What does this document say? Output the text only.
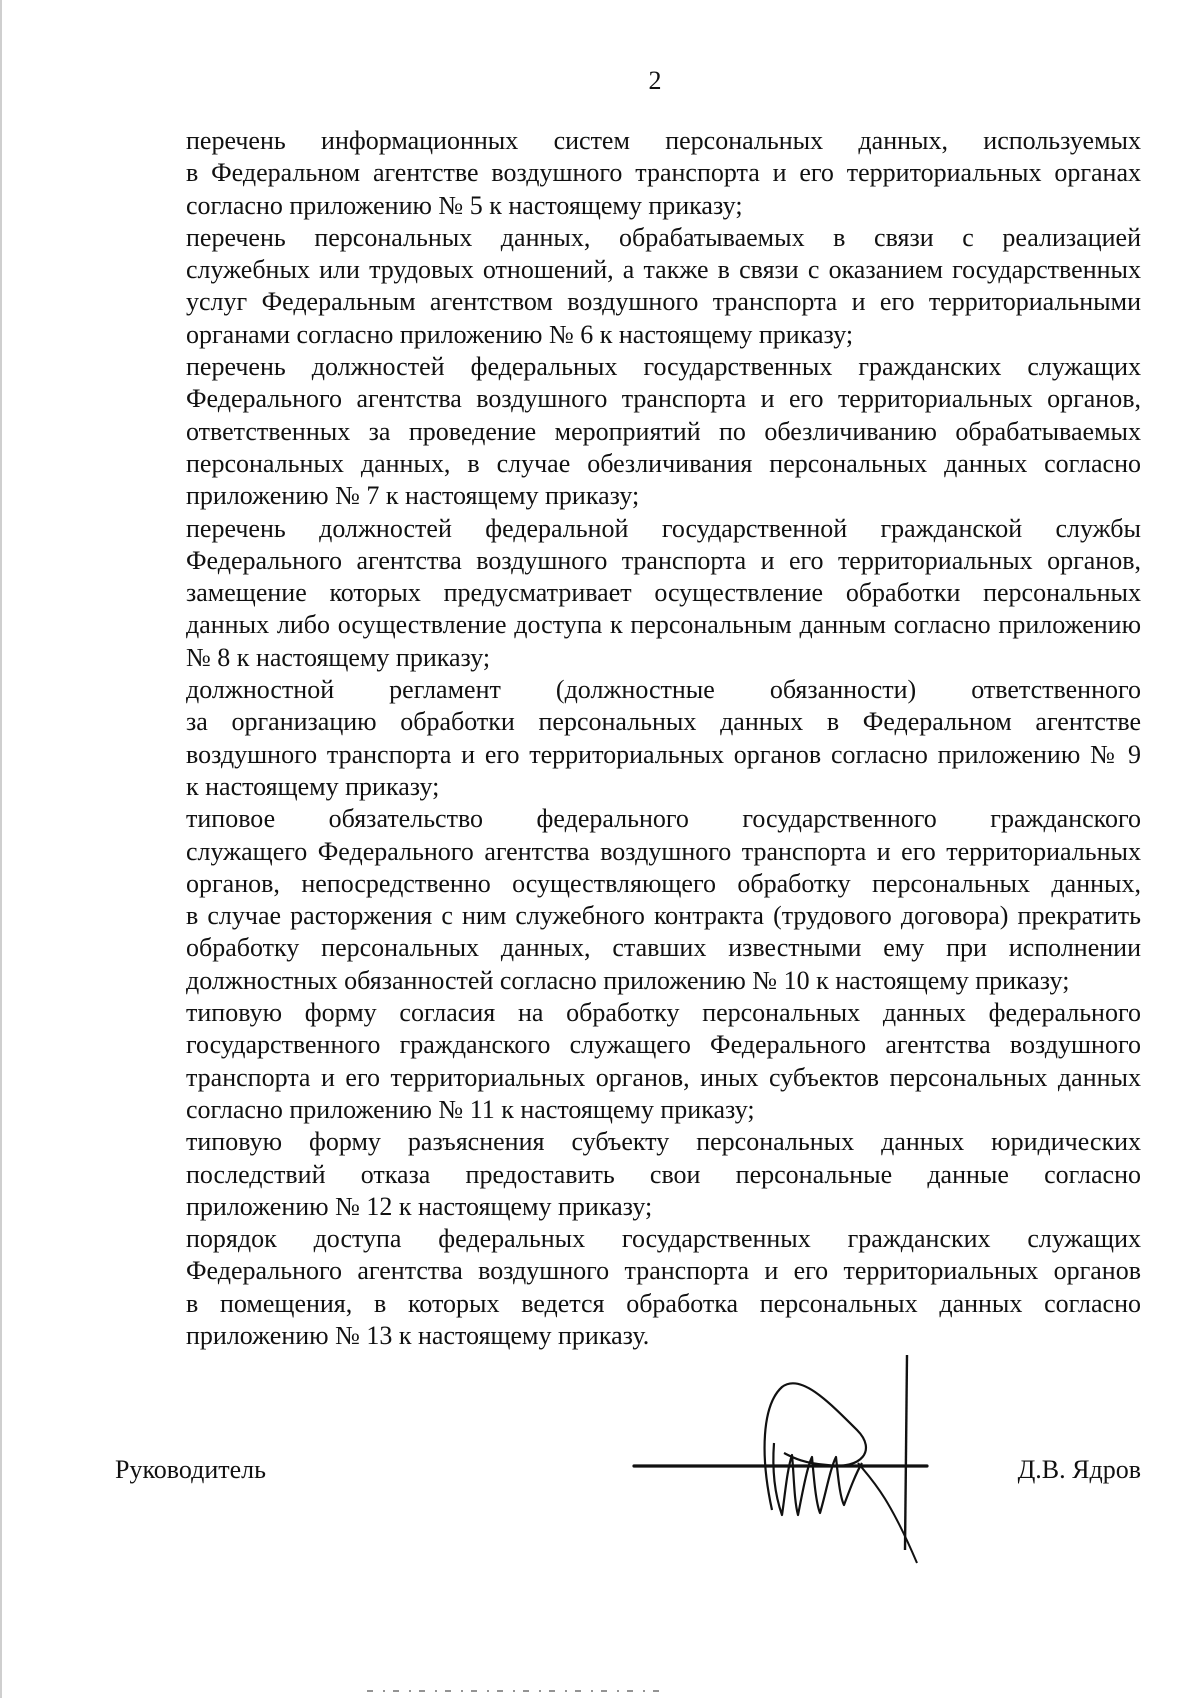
2

перечень информационных систем персональных данных, используемых
в Федеральном агентстве воздушного транспорта и его территориальных органах
согласно приложению № 5 к настоящему приказу;

перечень персональных данных, обрабатываемых в связи с реализацией
служебных или трудовых отношений, а также в связи с оказанием государственных
услуг Федеральным агентством воздушного транспорта и его территориальными
органами согласно приложению № 6 к настоящему приказу;

перечень должностей федеральных государственных гражданских служащих
Федерального агентства воздушного транспорта и его территориальных органов,
ответственных за проведение мероприятий по обезличиванию обрабатываемых
персональных данных, в случае обезличивания персональных данных согласно
приложению № 7 к настоящему приказу;

перечень должностей федеральной государственной гражданской службы
Федерального агентства воздушного транспорта и его территориальных органов,
замещение которых предусматривает осуществление обработки персональных
данных либо осуществление доступа к персональным данным согласно приложению
№ 8 к настоящему приказу;

должностной регламент (должностные обязанности) ответственного
за организацию обработки персональных данных в Федеральном агентстве
воздушного транспорта и его территориальных органов согласно приложению № 9
к настоящему приказу;

типовое обязательство федерального государственного гражданского
служащего Федерального агентства воздушного транспорта и его территориальных
органов, непосредственно осуществляющего обработку персональных данных,
в случае расторжения с ним служебного контракта (трудового договора) прекратить
обработку персональных данных, ставших известными ему при исполнении
должностных обязанностей согласно приложению № 10 к настоящему приказу;

типовую форму согласия на обработку персональных данных федерального
государственного гражданского служащего Федерального агентства воздушного
транспорта и его территориальных органов, иных субъектов персональных данных
согласно приложению № 11 к настоящему приказу;

типовую форму разъяснения субъекту персональных данных юридических
последствий отказа предоставить свои персональные данные согласно
приложению № 12 к настоящему приказу;

порядок доступа федеральных государственных гражданских служащих
Федерального агентства воздушного транспорта и его территориальных органов
в помещения, в которых ведется обработка персональных данных согласно
приложению № 13 к настоящему приказу.

Руководитель	Д.В. Ядров
